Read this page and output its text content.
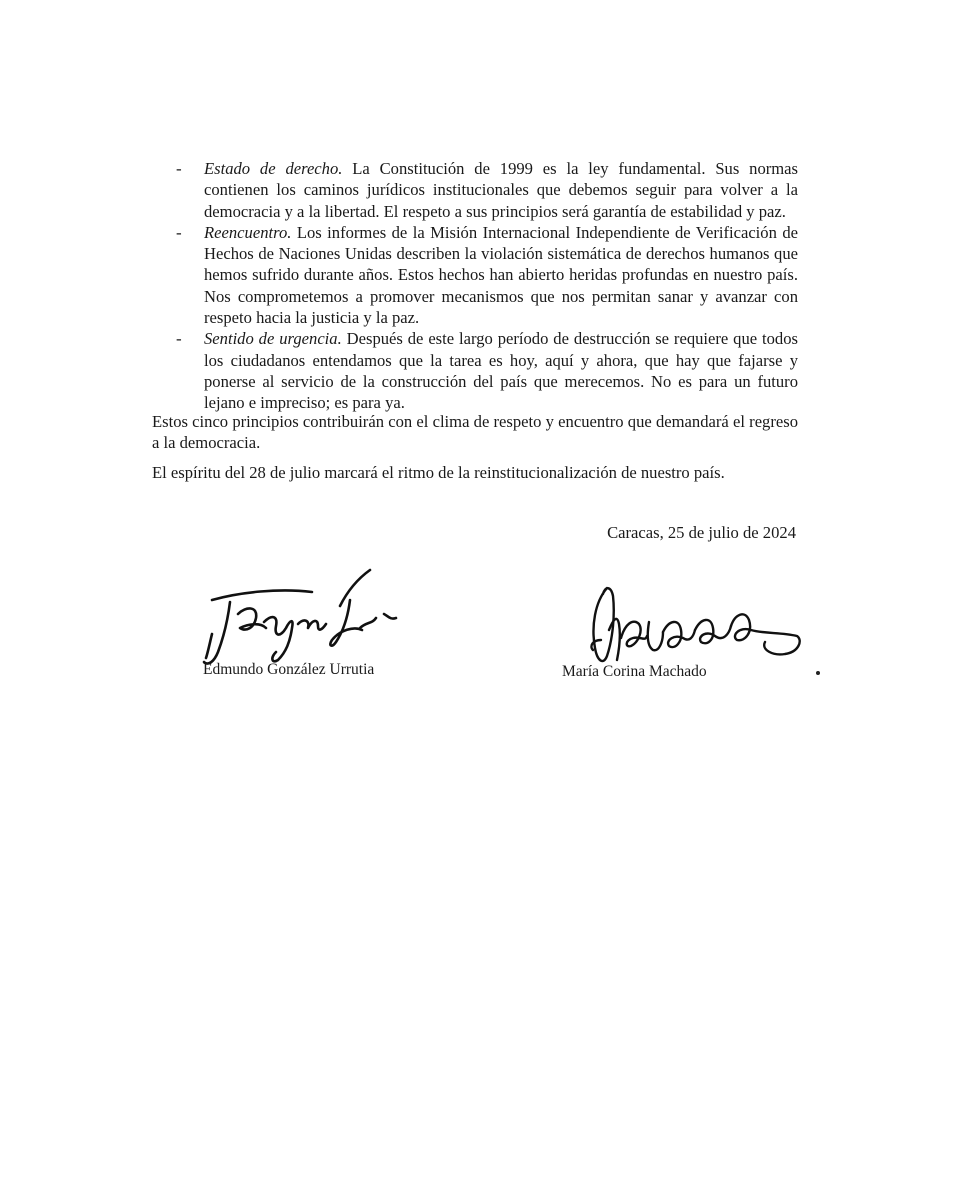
- Estado de derecho. La Constitución de 1999 es la ley fundamental. Sus normas contienen los caminos jurídicos institucionales que debemos seguir para volver a la democracia y a la libertad. El respeto a sus principios será garantía de estabilidad y paz.
- Reencuentro. Los informes de la Misión Internacional Independiente de Verificación de Hechos de Naciones Unidas describen la violación sistemática de derechos humanos que hemos sufrido durante años. Estos hechos han abierto heridas profundas en nuestro país. Nos comprometemos a promover mecanismos que nos permitan sanar y avanzar con respeto hacia la justicia y la paz.
- Sentido de urgencia. Después de este largo período de destrucción se requiere que todos los ciudadanos entendamos que la tarea es hoy, aquí y ahora, que hay que fajarse y ponerse al servicio de la construcción del país que merecemos. No es para un futuro lejano e impreciso; es para ya.

Estos cinco principios contribuirán con el clima de respeto y encuentro que demandará el regreso a la democracia.

El espíritu del 28 de julio marcará el ritmo de la reinstitucionalización de nuestro país.

Caracas, 25 de julio de 2024

Edmundo González Urrutia	María Corina Machado
